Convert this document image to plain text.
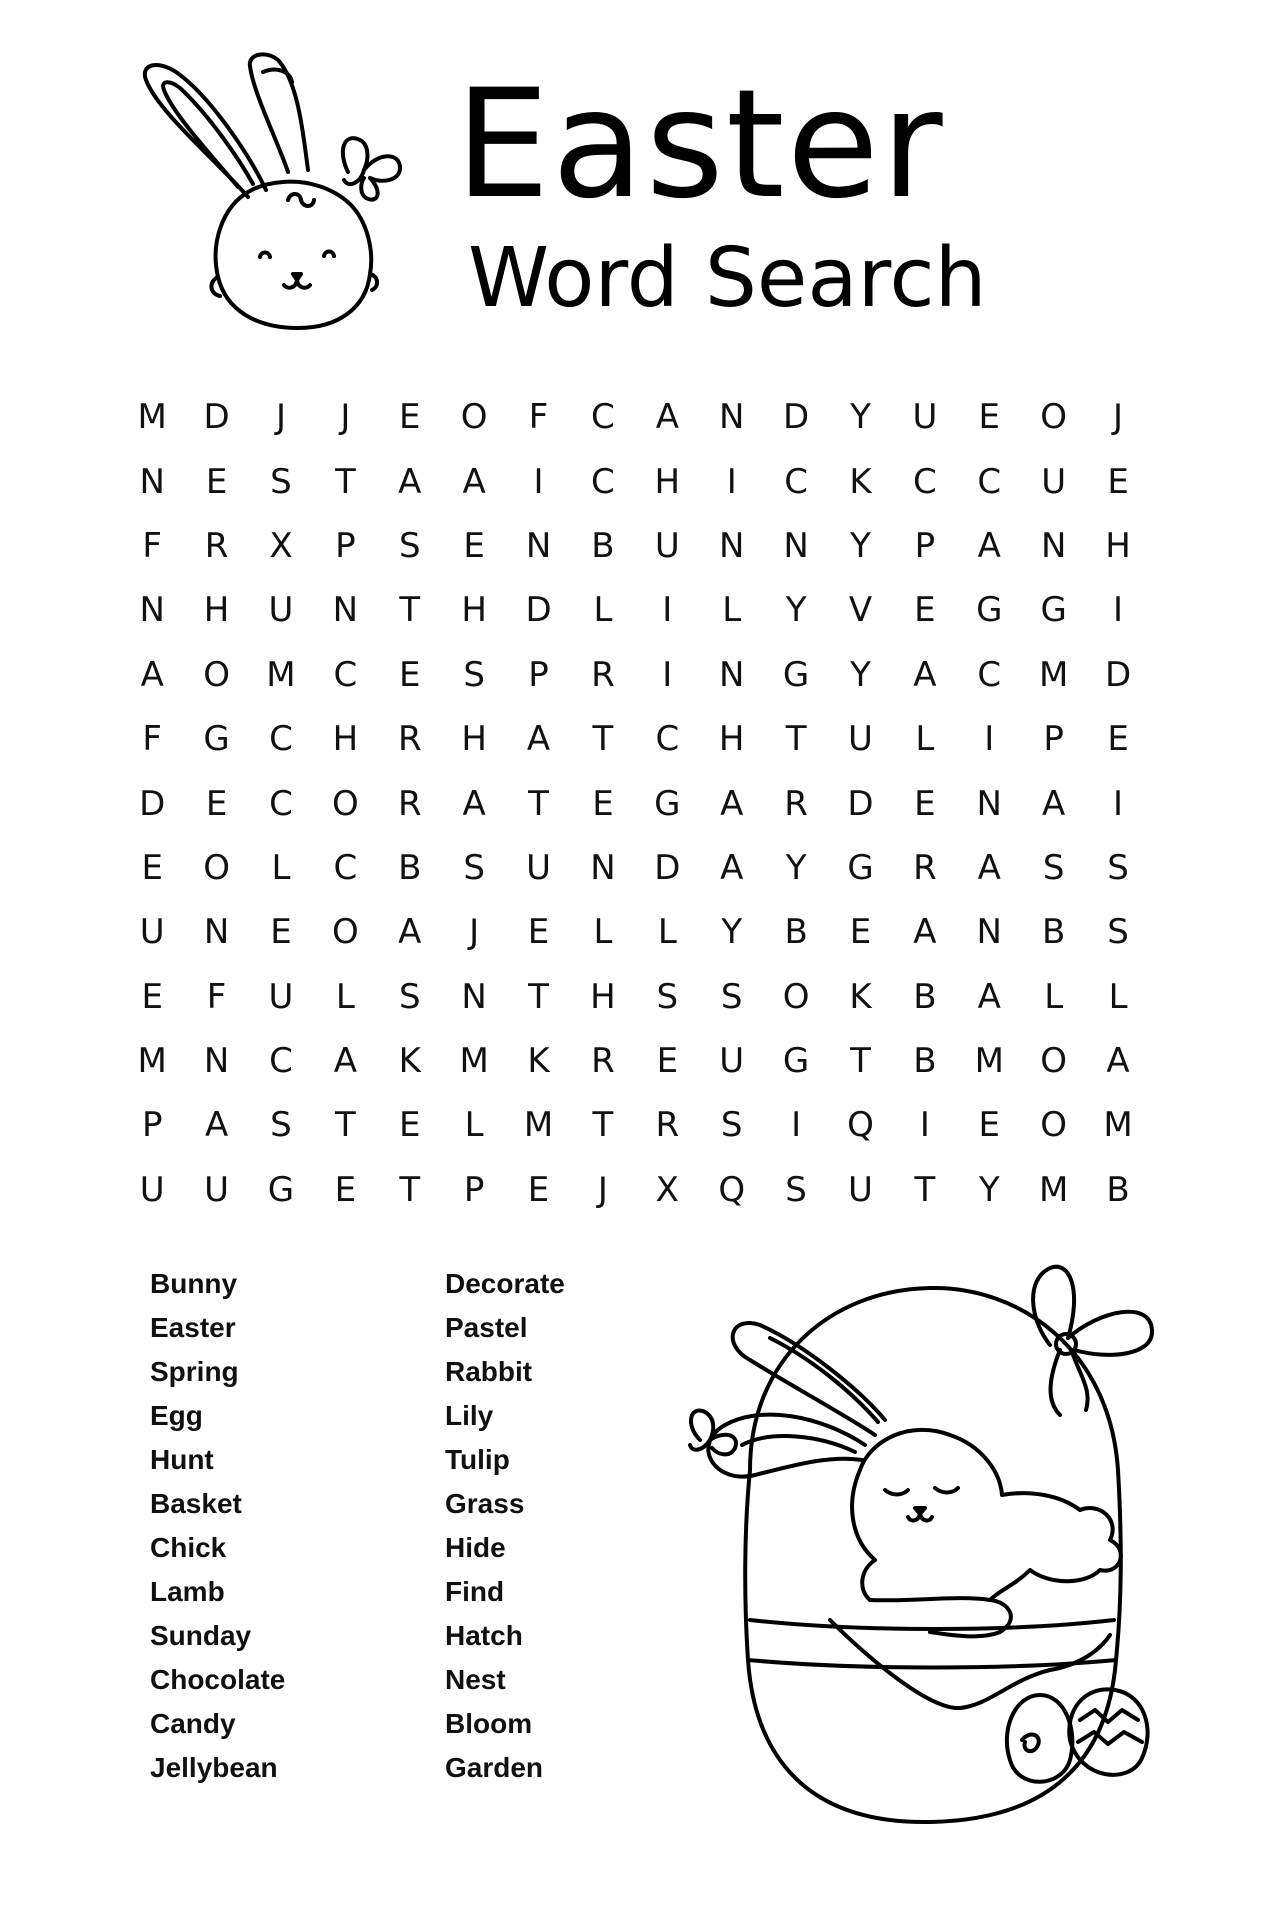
Easter
Word Search
M	D	J	J	E	O	F	C	A	N	D	Y	U	E	O	J
N	E	S	T	A	A	I	C	H	I	C	K	C	C	U	E
F	R	X	P	S	E	N	B	U	N	N	Y	P	A	N	H
N	H	U	N	T	H	D	L	I	L	Y	V	E	G	G	I
A	O	M	C	E	S	P	R	I	N	G	Y	A	C	M	D
F	G	C	H	R	H	A	T	C	H	T	U	L	I	P	E
D	E	C	O	R	A	T	E	G	A	R	D	E	N	A	I
E	O	L	C	B	S	U	N	D	A	Y	G	R	A	S	S
U	N	E	O	A	J	E	L	L	Y	B	E	A	N	B	S
E	F	U	L	S	N	T	H	S	S	O	K	B	A	L	L
M	N	C	A	K	M	K	R	E	U	G	T	B	M	O	A
P	A	S	T	E	L	M	T	R	S	I	Q	I	E	O	M
U	U	G	E	T	P	E	J	X	Q	S	U	T	Y	M	B
Bunny
Easter
Spring
Egg
Hunt
Basket
Chick
Lamb
Sunday
Chocolate
Candy
Jellybean
Decorate
Pastel
Rabbit
Lily
Tulip
Grass
Hide
Find
Hatch
Nest
Bloom
Garden
